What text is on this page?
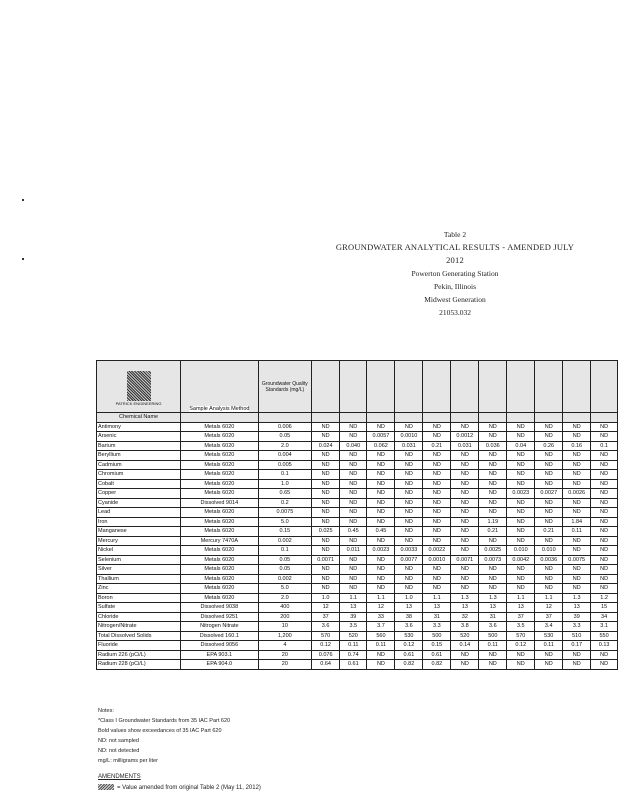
Table 2
GROUNDWATER ANALYTICAL RESULTS - AMENDED JULY 2012
Powerton Generating Station
Pekin, Illinois
Midwest Generation
21053.032
PATRICK ENGINEERING	Sample Analysis Method	Groundwater Quality Standards (mg/L)											
Chemical Name													
Antimony	Metals 6020	0.006	ND	ND	ND	ND	ND	ND	ND	ND	ND	ND	ND
Arsenic	Metals 6020	0.05	ND	ND	0.0057	0.0010	ND	0.0012	ND	ND	ND	ND	ND
Barium	Metals 6020	2.0	0.024	0.040	0.062	0.031	0.21	0.031	0.036	0.04	0.26	0.16	0.1
Beryllium	Metals 6020	0.004	ND	ND	ND	ND	ND	ND	ND	ND	ND	ND	ND
Cadmium	Metals 6020	0.005	ND	ND	ND	ND	ND	ND	ND	ND	ND	ND	ND
Chromium	Metals 6020	0.1	ND	ND	ND	ND	ND	ND	ND	ND	ND	ND	ND
Cobalt	Metals 6020	1.0	ND	ND	ND	ND	ND	ND	ND	ND	ND	ND	ND
Copper	Metals 6020	0.65	ND	ND	ND	ND	ND	ND	ND	0.0023	0.0027	0.0026	ND
Cyanide	Dissolved 9014	0.2	ND	ND	ND	ND	ND	ND	ND	ND	ND	ND	ND
Lead	Metals 6020	0.0075	ND	ND	ND	ND	ND	ND	ND	ND	ND	ND	ND
Iron	Metals 6020	5.0	ND	ND	ND	ND	ND	ND	1.19	ND	ND	1.84	ND
Manganese	Metals 6020	0.15	0.025	0.45	0.45	ND	ND	ND	0.21	ND	0.21	0.11	ND
Mercury	Mercury 7470A	0.002	ND	ND	ND	ND	ND	ND	ND	ND	ND	ND	ND
Nickel	Metals 6020	0.1	ND	0.011	0.0023	0.0033	0.0022	ND	0.0025	0.010	0.010	ND	ND
Selenium	Metals 6020	0.05	0.0071	ND	ND	0.0077	0.0010	0.0071	0.0073	0.0042	0.0036	0.0075	ND
Silver	Metals 6020	0.05	ND	ND	ND	ND	ND	ND	ND	ND	ND	ND	ND
Thallium	Metals 6020	0.002	ND	ND	ND	ND	ND	ND	ND	ND	ND	ND	ND
Zinc	Metals 6020	5.0	ND	ND	ND	ND	ND	ND	ND	ND	ND	ND	ND
Boron	Metals 6020	2.0	1.0	1.1	1.1	1.0	1.1	1.3	1.3	1.1	1.1	1.3	1.2
Sulfate	Dissolved 9038	400	12	13	12	13	13	13	13	13	12	13	15
Chloride	Dissolved 9251	200	37	39	33	38	31	32	31	37	37	39	34
Nitrogen/Nitrate	Nitrogen Nitrate	10	3.6	3.5	3.7	3.6	3.3	3.8	3.6	3.5	3.4	3.3	3.1
Total Dissolved Solids	Dissolved 160.1	1,200	570	520	560	530	500	520	500	570	530	510	550
Fluoride	Dissolved 9056	4	0.12	0.11	0.11	0.12	0.15	0.14	0.11	0.12	0.11	0.17	0.13
Radium 226 (pCi/L)	EPA 903.1	20	0.076	0.74	ND	0.61	0.61	ND	ND	ND	ND	ND	ND
Radium 228 (pCi/L)	EPA 904.0	20	0.64	0.61	ND	0.82	0.82	ND	ND	ND	ND	ND	ND
Notes:
*Class I Groundwater Standards from 35 IAC Part 620
Bold values show exceedances of 35 IAC Part 620
ND: not sampled
ND: not detected
mg/L: milligrams per liter
AMENDMENTS
= Value amended from original Table 2 (May 11, 2012)
